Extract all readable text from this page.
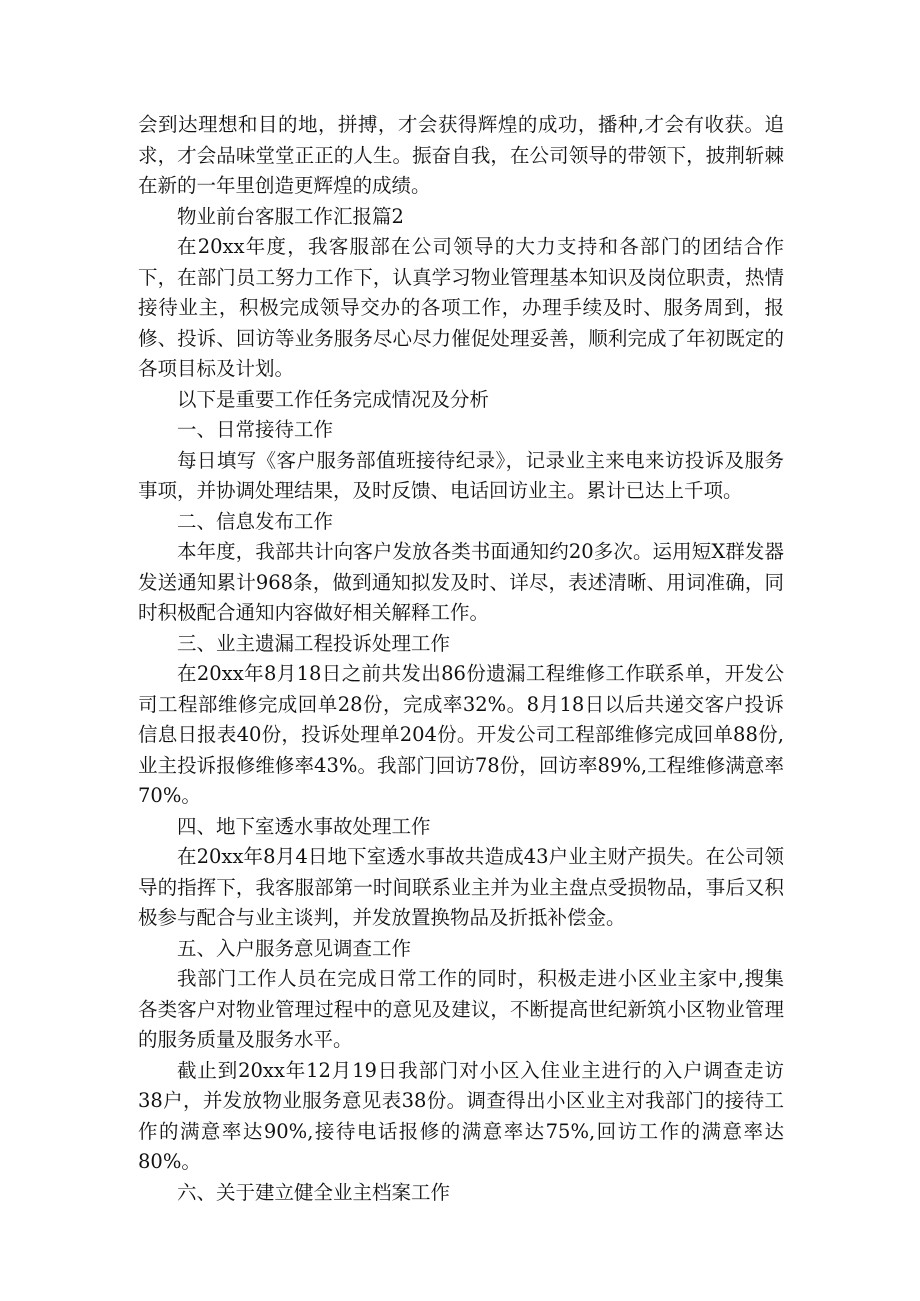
会到达理想和目的地，拼搏，才会获得辉煌的成功，播种,才会有收获。追求，才会品味堂堂正正的人生。振奋自我，在公司领导的带领下，披荆斩棘在新的一年里创造更辉煌的成绩。

物业前台客服工作汇报篇2

在20xx年度，我客服部在公司领导的大力支持和各部门的团结合作下，在部门员工努力工作下，认真学习物业管理基本知识及岗位职责，热情接待业主，积极完成领导交办的各项工作，办理手续及时、服务周到，报修、投诉、回访等业务服务尽心尽力催促处理妥善，顺利完成了年初既定的各项目标及计划。

以下是重要工作任务完成情况及分析

一、日常接待工作

每日填写《客户服务部值班接待纪录》，记录业主来电来访投诉及服务事项，并协调处理结果，及时反馈、电话回访业主。累计已达上千项。

二、信息发布工作

本年度，我部共计向客户发放各类书面通知约20多次。运用短X群发器发送通知累计968条，做到通知拟发及时、详尽，表述清晰、用词准确，同时积极配合通知内容做好相关解释工作。

三、业主遗漏工程投诉处理工作

在20xx年8月18日之前共发出86份遗漏工程维修工作联系单，开发公司工程部维修完成回单28份，完成率32%。8月18日以后共递交客户投诉信息日报表40份，投诉处理单204份。开发公司工程部维修完成回单88份,业主投诉报修维修率43%。我部门回访78份，回访率89%,工程维修满意率70%。

四、地下室透水事故处理工作

在20xx年8月4日地下室透水事故共造成43户业主财产损失。在公司领导的指挥下，我客服部第一时间联系业主并为业主盘点受损物品，事后又积极参与配合与业主谈判，并发放置换物品及折抵补偿金。

五、入户服务意见调查工作

我部门工作人员在完成日常工作的同时，积极走进小区业主家中,搜集各类客户对物业管理过程中的意见及建议，不断提高世纪新筑小区物业管理的服务质量及服务水平。

截止到20xx年12月19日我部门对小区入住业主进行的入户调查走访38户，并发放物业服务意见表38份。调查得出小区业主对我部门的接待工作的满意率达90%,接待电话报修的满意率达75%,回访工作的满意率达80%。

六、关于建立健全业主档案工作
